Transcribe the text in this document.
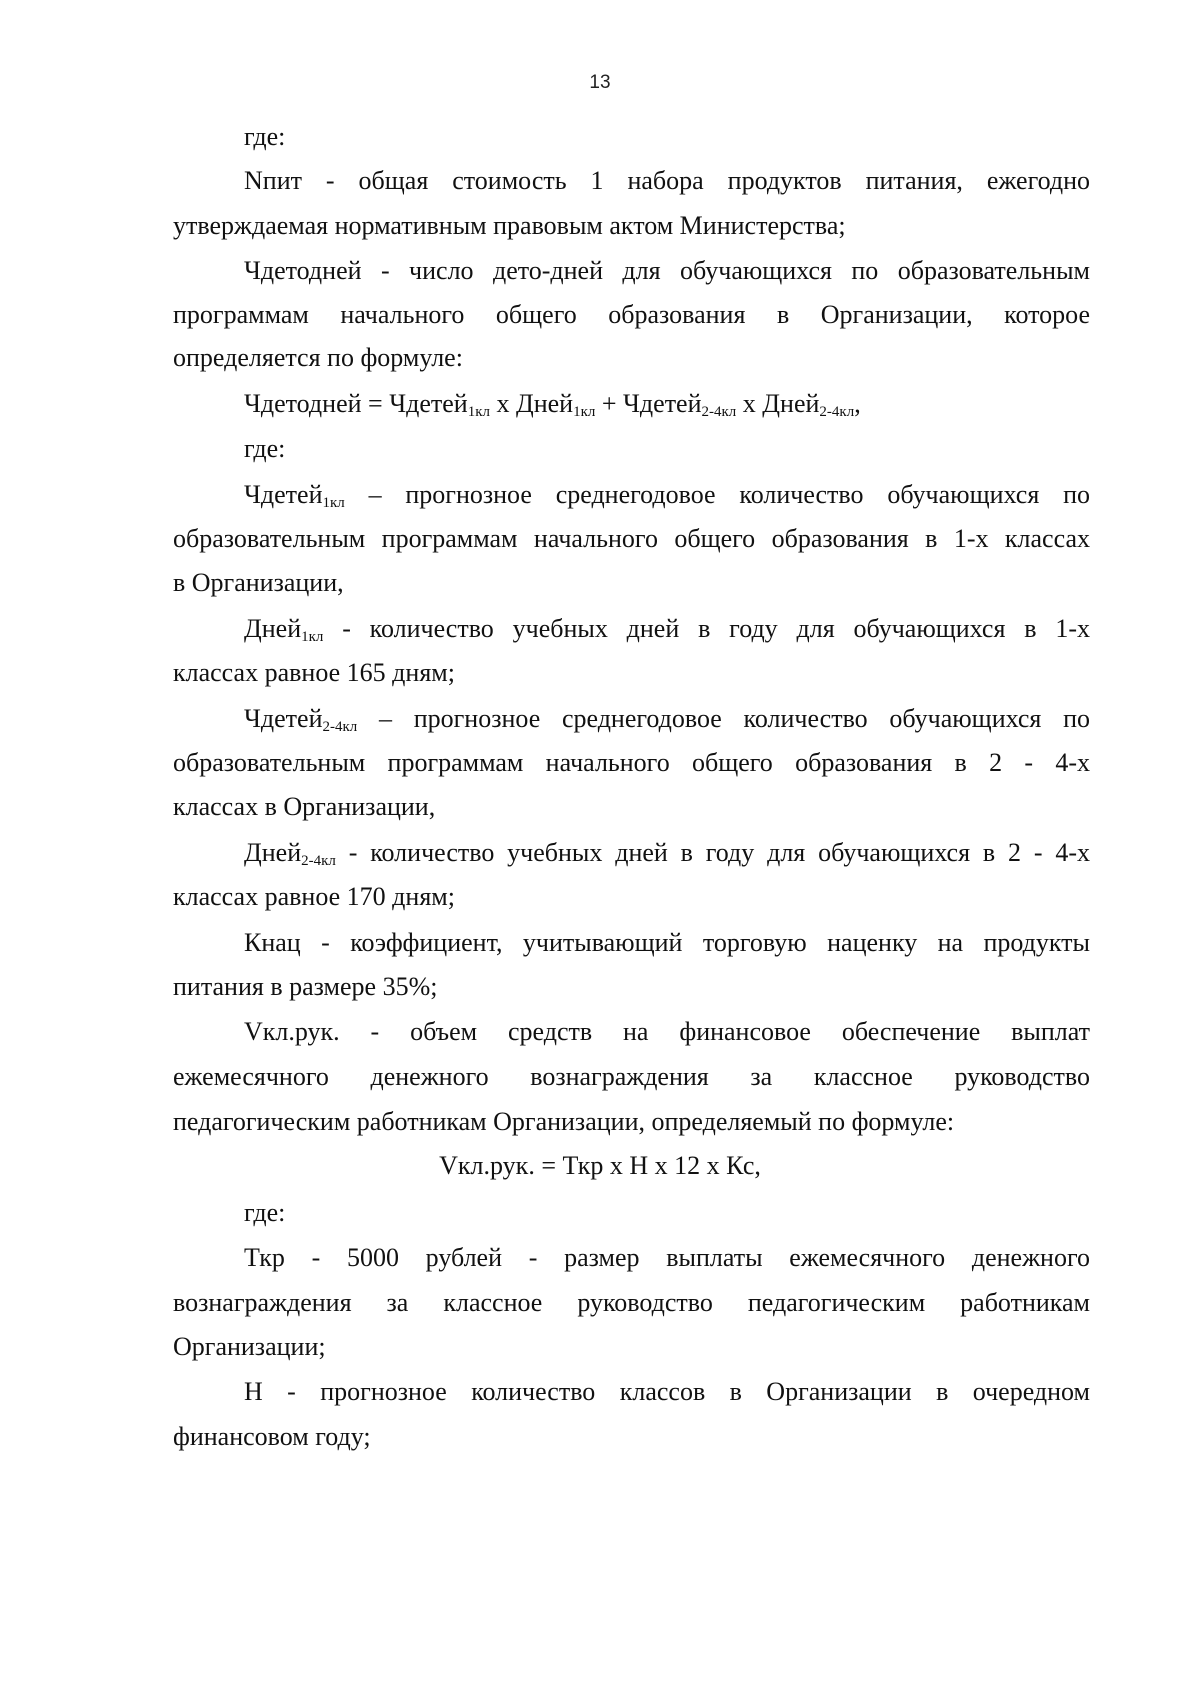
13
где:
Nпит - общая стоимость 1 набора продуктов питания, ежегодно
утверждаемая нормативным правовым актом Министерства;
Чдетодней - число дето-дней для обучающихся по образовательным
программам начального общего образования в Организации, которое
определяется по формуле:
Чдетодней = Чдетей$_{1кл}$ х Дней$_{1кл}$ + Чдетей$_{2-4кл}$ х Дней$_{2-4кл}$,
где:
Чдетей$_{1кл}$ – прогнозное среднегодовое количество обучающихся по
образовательным программам начального общего образования в 1-х классах
в Организации,
Дней$_{1кл}$ - количество учебных дней в году для обучающихся в 1-х
классах равное 165 дням;
Чдетей$_{2-4кл}$ – прогнозное среднегодовое количество обучающихся по
образовательным программам начального общего образования в 2 - 4-х
классах в Организации,
Дней$_{2-4кл}$ - количество учебных дней в году для обучающихся в 2 - 4-х
классах равное 170 дням;
Кнац - коэффициент, учитывающий торговую наценку на продукты
питания в размере 35%;
Vкл.рук. - объем средств на финансовое обеспечение выплат
ежемесячного денежного вознаграждения за классное руководство
педагогическим работникам Организации, определяемый по формуле:
Vкл.рук. = Ткр х Н х 12 х Кс,
где:
Ткр - 5000 рублей - размер выплаты ежемесячного денежного
вознаграждения за классное руководство педагогическим работникам
Организации;
Н - прогнозное количество классов в Организации в очередном
финансовом году;
